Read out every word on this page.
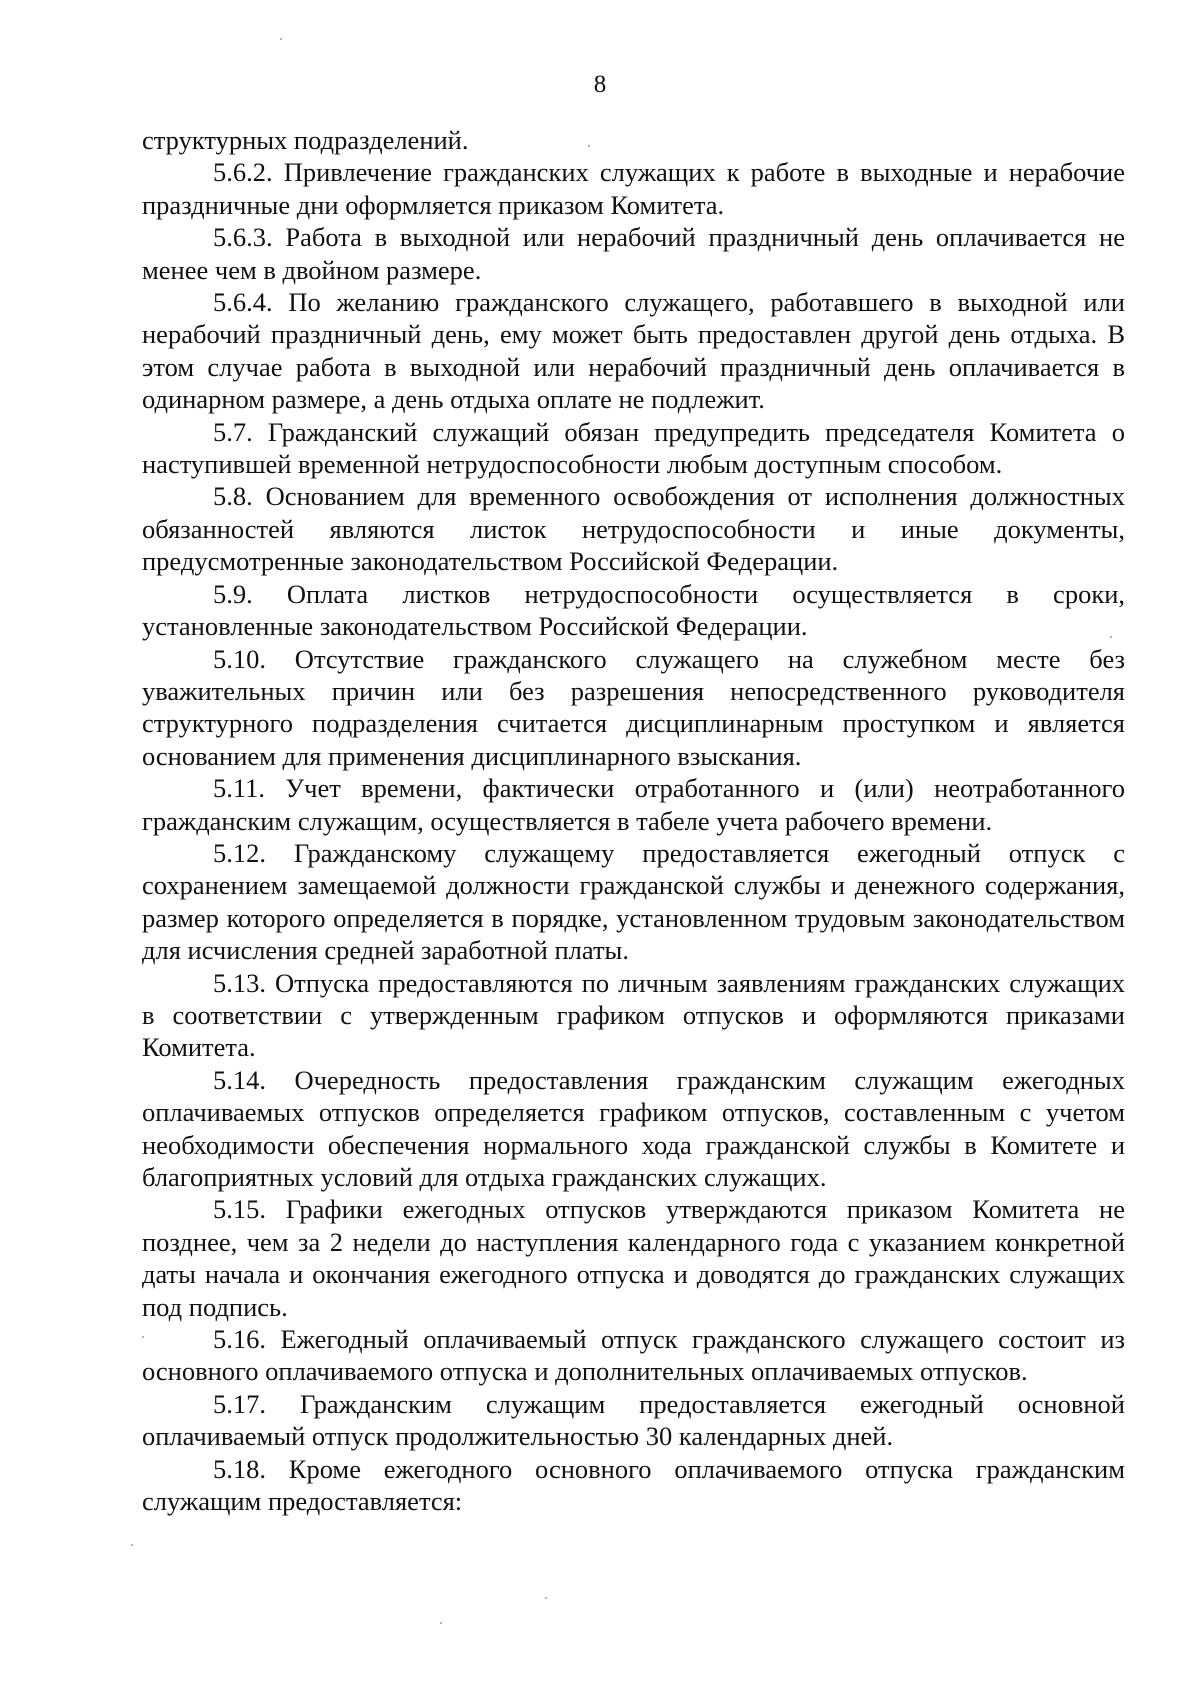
8

структурных подразделений.

5.6.2. Привлечение гражданских служащих к работе в выходные и нерабочие праздничные дни оформляется приказом Комитета.

5.6.3. Работа в выходной или нерабочий праздничный день оплачивается не менее чем в двойном размере.

5.6.4. По желанию гражданского служащего, работавшего в выходной или нерабочий праздничный день, ему может быть предоставлен другой день отдыха. В этом случае работа в выходной или нерабочий праздничный день оплачивается в одинарном размере, а день отдыха оплате не подлежит.

5.7. Гражданский служащий обязан предупредить председателя Комитета о наступившей временной нетрудоспособности любым доступным способом.

5.8. Основанием для временного освобождения от исполнения должностных обязанностей являются листок нетрудоспособности и иные документы, предусмотренные законодательством Российской Федерации.

5.9. Оплата листков нетрудоспособности осуществляется в сроки, установленные законодательством Российской Федерации.

5.10. Отсутствие гражданского служащего на служебном месте без уважительных причин или без разрешения непосредственного руководителя структурного подразделения считается дисциплинарным проступком и является основанием для применения дисциплинарного взыскания.

5.11. Учет времени, фактически отработанного и (или) неотработанного гражданским служащим, осуществляется в табеле учета рабочего времени.

5.12. Гражданскому служащему предоставляется ежегодный отпуск с сохранением замещаемой должности гражданской службы и денежного содержания, размер которого определяется в порядке, установленном трудовым законодательством для исчисления средней заработной платы.

5.13. Отпуска предоставляются по личным заявлениям гражданских служащих в соответствии с утвержденным графиком отпусков и оформляются приказами Комитета.

5.14. Очередность предоставления гражданским служащим ежегодных оплачиваемых отпусков определяется графиком отпусков, составленным с учетом необходимости обеспечения нормального хода гражданской службы в Комитете и благоприятных условий для отдыха гражданских служащих.

5.15. Графики ежегодных отпусков утверждаются приказом Комитета не позднее, чем за 2 недели до наступления календарного года с указанием конкретной даты начала и окончания ежегодного отпуска и доводятся до гражданских служащих под подпись.

5.16. Ежегодный оплачиваемый отпуск гражданского служащего состоит из основного оплачиваемого отпуска и дополнительных оплачиваемых отпусков.

5.17. Гражданским служащим предоставляется ежегодный основной оплачиваемый отпуск продолжительностью 30 календарных дней.

5.18. Кроме ежегодного основного оплачиваемого отпуска гражданским служащим предоставляется:
